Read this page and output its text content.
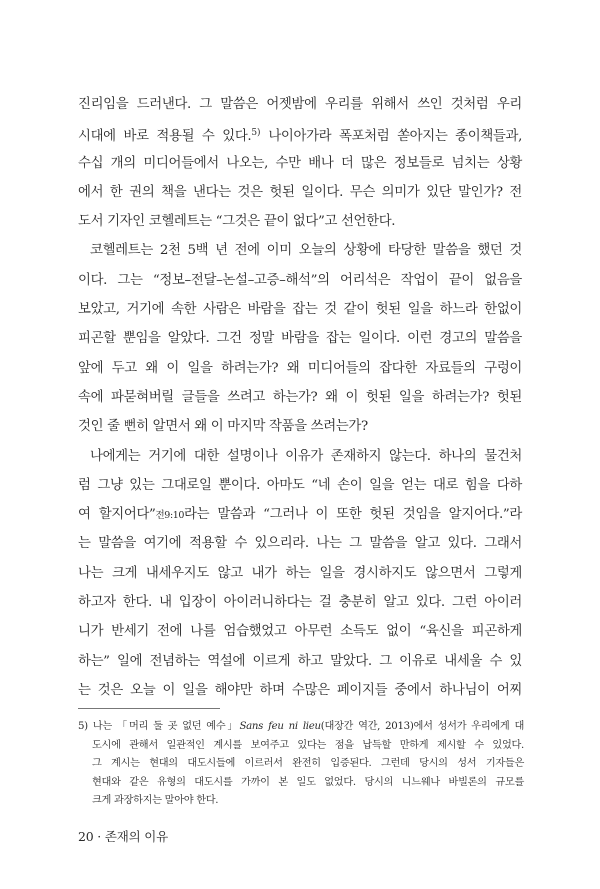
진리임을 드러낸다. 그 말씀은 어젯밤에 우리를 위해서 쓰인 것처럼 우리
시대에 바로 적용될 수 있다.$^{5)}$ 나이아가라 폭포처럼 쏟아지는 종이책들과,
수십 개의 미디어들에서 나오는, 수만 배나 더 많은 정보들로 넘치는 상황
에서 한 권의 책을 낸다는 것은 헛된 일이다. 무슨 의미가 있단 말인가? 전
도서 기자인 코헬레트는 “그것은 끝이 없다”고 선언한다.
코헬레트는 2천 5백 년 전에 이미 오늘의 상황에 타당한 말씀을 했던 것
이다. 그는 “정보–전달–논설–고증–해석”의 어리석은 작업이 끝이 없음을
보았고, 거기에 속한 사람은 바람을 잡는 것 같이 헛된 일을 하느라 한없이
피곤할 뿐임을 알았다. 그건 정말 바람을 잡는 일이다. 이런 경고의 말씀을
앞에 두고 왜 이 일을 하려는가? 왜 미디어들의 잡다한 자료들의 구렁이
속에 파묻혀버릴 글들을 쓰려고 하는가? 왜 이 헛된 일을 하려는가? 헛된
것인 줄 뻔히 알면서 왜 이 마지막 작품을 쓰려는가?
나에게는 거기에 대한 설명이나 이유가 존재하지 않는다. 하나의 물건처
럼 그냥 있는 그대로일 뿐이다. 아마도 “네 손이 일을 얻는 대로 힘을 다하
여 할지어다”전9:10라는 말씀과 “그러나 이 또한 헛된 것임을 알지어다.”라
는 말씀을 여기에 적용할 수 있으리라. 나는 그 말씀을 알고 있다. 그래서
나는 크게 내세우지도 않고 내가 하는 일을 경시하지도 않으면서 그렇게
하고자 한다. 내 입장이 아이러니하다는 걸 충분히 알고 있다. 그런 아이러
니가 반세기 전에 나를 엄습했었고 아무런 소득도 없이 “육신을 피곤하게
하는” 일에 전념하는 역설에 이르게 하고 말았다. 그 이유로 내세울 수 있
는 것은 오늘 이 일을 해야만 하며 수많은 페이지들 중에서 하나님이 어찌
5) 나는 「머리 둘 곳 없던 예수」Sans feu ni lieu(대장간 역간, 2013)에서 성서가 우리에게 대
도시에 관해서 일관적인 계시를 보여주고 있다는 점을 납득할 만하게 제시할 수 있었다.
그 계시는 현대의 대도시들에 이르러서 완전히 입증된다. 그런데 당시의 성서 기자들은
현대와 같은 유형의 대도시를 가까이 본 일도 없었다. 당시의 니느웨나 바빌론의 규모를
크게 과장하지는 말아야 한다.
20 · 존재의 이유
